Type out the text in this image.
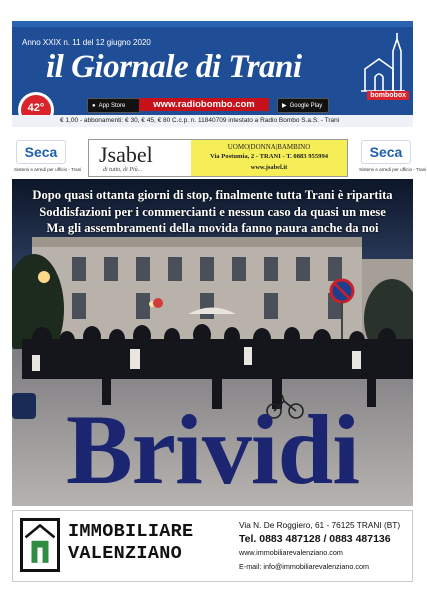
Anno XXIX n. 11 del 12 giugno 2020
il Giornale di Trani
bombobox
42°	● App Store	www.radiobombo.com	▶ Google Play
€ 1,00 - abbonamenti: € 30, € 45, € 80 C.c.p. n. 11840709 intestato a Radio Bombo S.a.S. - Trani
Seca
Sistemi e arredi per ufficio - Trani
Jsabel
di tutto, di Più...
UOMO|DONNA|BAMBINO
Via Postumia, 2 - TRANI - T. 0883 955994
www.jsabel.it
Seca
Sistemi e arredi per ufficio - Trani
Dopo quasi ottanta giorni di stop, finalmente tutta Trani è ripartita
Soddisfazioni per i commercianti e nessun caso da quasi un mese
Ma gli assembramenti della movida fanno paura anche da noi
Brividi
IMMOBILIARE
VALENZIANO
Via N. De Roggiero, 61 - 76125 TRANI (BT)
Tel. 0883 487128 / 0883 487136
www.immobiliarevalenziano.com
E-mail: info@immobiliarevalenziano.com
